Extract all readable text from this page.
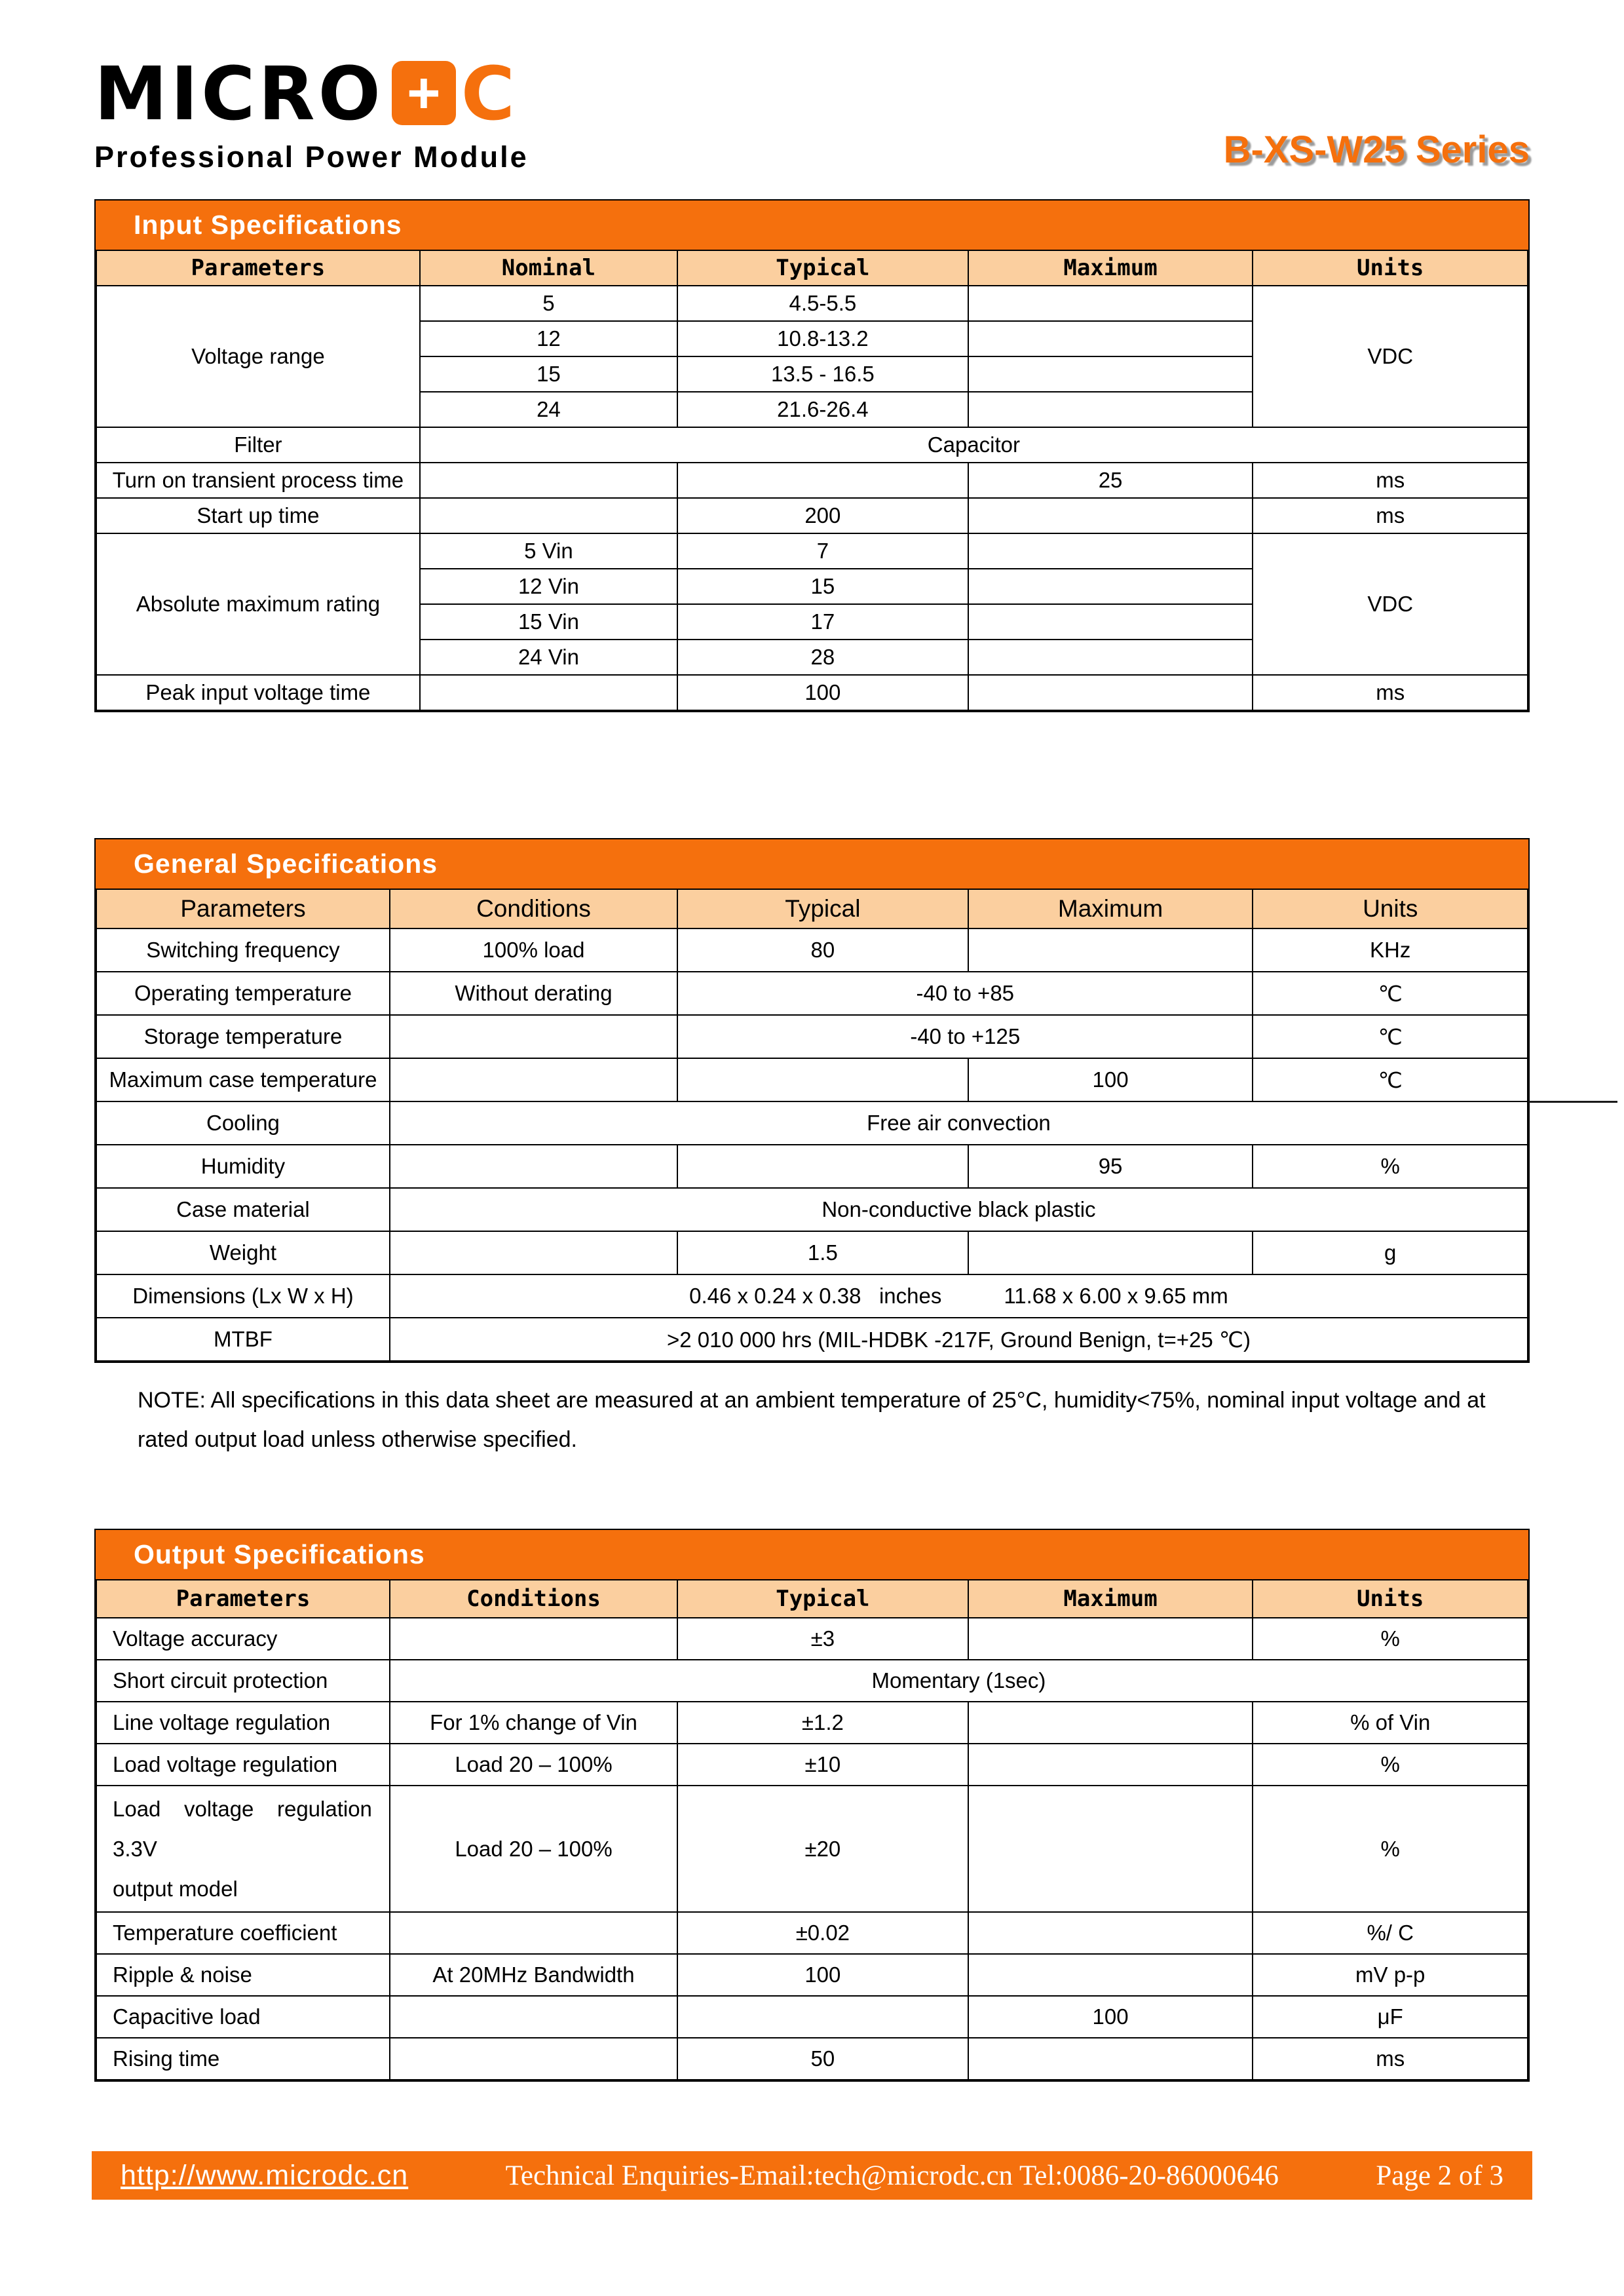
MICRO + C
Professional Power Module	B-XS-W25 Series
Input Specifications
Parameters	Nominal	Typical	Maximum	Units
Voltage range	5	4.5-5.5		VDC
	12	10.8-13.2		
	15	13.5 - 16.5		
	24	21.6-26.4		
Filter	Capacitor			
Turn on transient process time			25	ms
Start up time		200		ms
Absolute maximum rating	5 Vin	7		VDC
	12 Vin	15		
	15 Vin	17		
	24 Vin	28		
Peak input voltage time		100		ms
General Specifications
Parameters	Conditions	Typical	Maximum	Units
Switching frequency	100% load	80		KHz
Operating temperature	Without derating	-40 to +85		℃
Storage temperature		-40 to +125		℃
Maximum case temperature			100	℃
Cooling	Free air convection			
Humidity			95	%
Case material	Non-conductive black plastic			
Weight		1.5		g
Dimensions (Lx W x H)	0.46 x 0.24 x 0.38   inches 11.68 x 6.00 x 9.65 mm			

MTBF	>2 010 000 hrs (MIL-HDBK -217F, Ground Benign, t=+25 ℃)			
NOTE: All specifications in this data sheet are measured at an ambient temperature of 25°C, humidity<75%, nominal input voltage and at rated output load unless otherwise specified.
Output Specifications
Parameters	Conditions	Typical	Maximum	Units
Voltage accuracy		±3		%
Short circuit protection	Momentary (1sec)			
Line voltage regulation	For 1% change of Vin	±1.2		% of Vin
Load voltage regulation	Load 20 – 100%	±10		%

Load voltage regulation 3.3V
output model	Load 20 – 100%	±20		%
Temperature coefficient		±0.02		%/ C
Ripple & noise	At 20MHz Bandwidth	100		mV p-p
Capacitive load			100	μF
Rising time		50		ms
http://www.microdc.cn	Technical Enquiries-Email:tech@microdc.cn Tel:0086-20-86000646	Page 2 of 3
